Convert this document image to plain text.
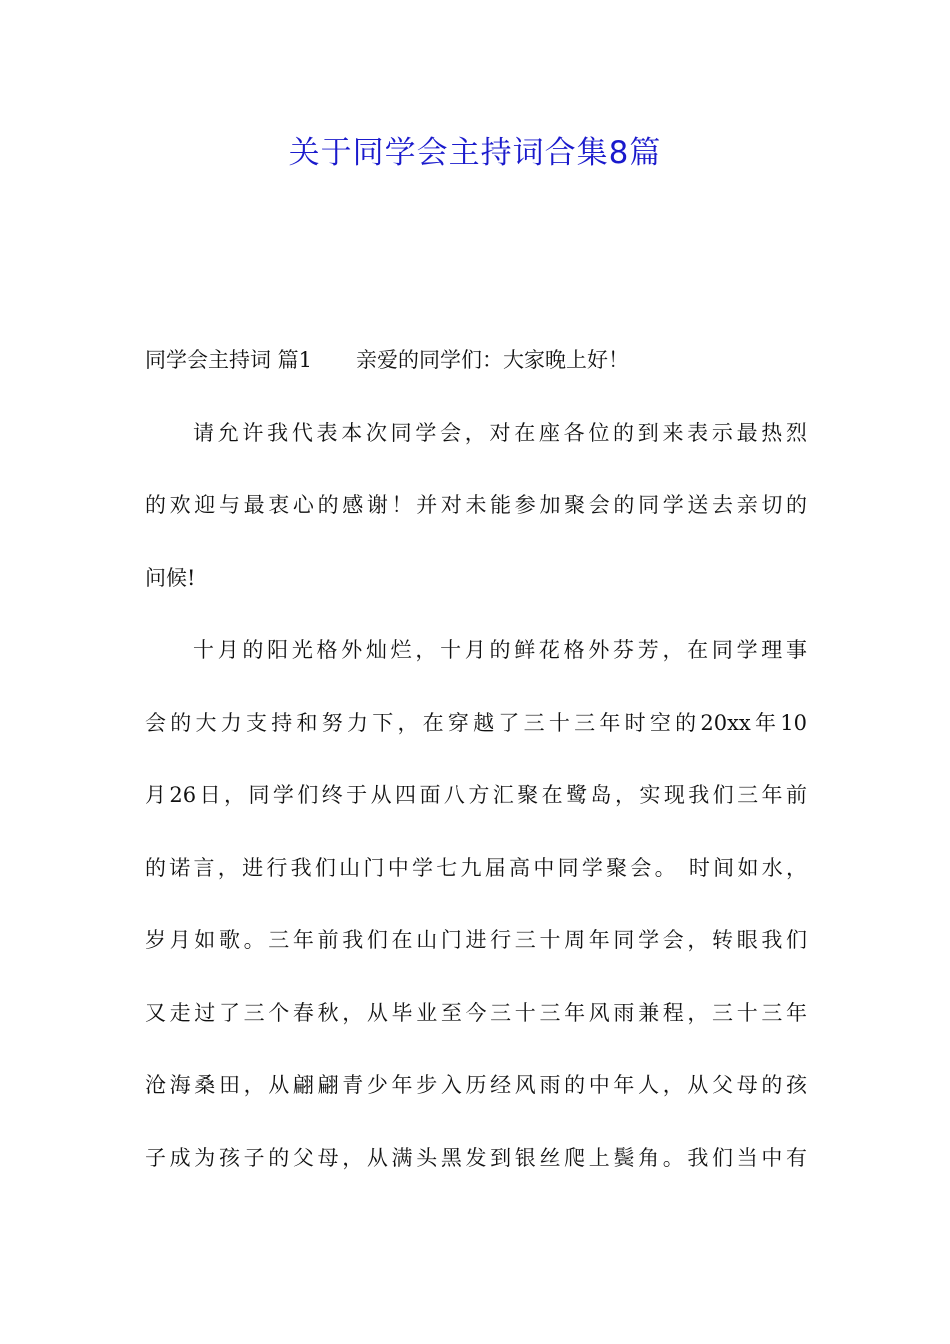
关于同学会主持词合集8篇
同学会主持词 篇1 亲爱的同学们：大家晚上好！
请允许我代表本次同学会，对在座各位的到来表示最热烈
的欢迎与最衷心的感谢！并对未能参加聚会的同学送去亲切的
问候!
十月的阳光格外灿烂，十月的鲜花格外芬芳，在同学理事
会的大力支持和努力下，在穿越了三十三年时空的20xx年10
月26日，同学们终于从四面八方汇聚在鹭岛，实现我们三年前
的诺言，进行我们山门中学七九届高中同学聚会。 时间如水，
岁月如歌。三年前我们在山门进行三十周年同学会，转眼我们
又走过了三个春秋，从毕业至今三十三年风雨兼程，三十三年
沧海桑田，从翩翩青少年步入历经风雨的中年人，从父母的孩
子成为孩子的父母，从满头黑发到银丝爬上鬓角。我们当中有
